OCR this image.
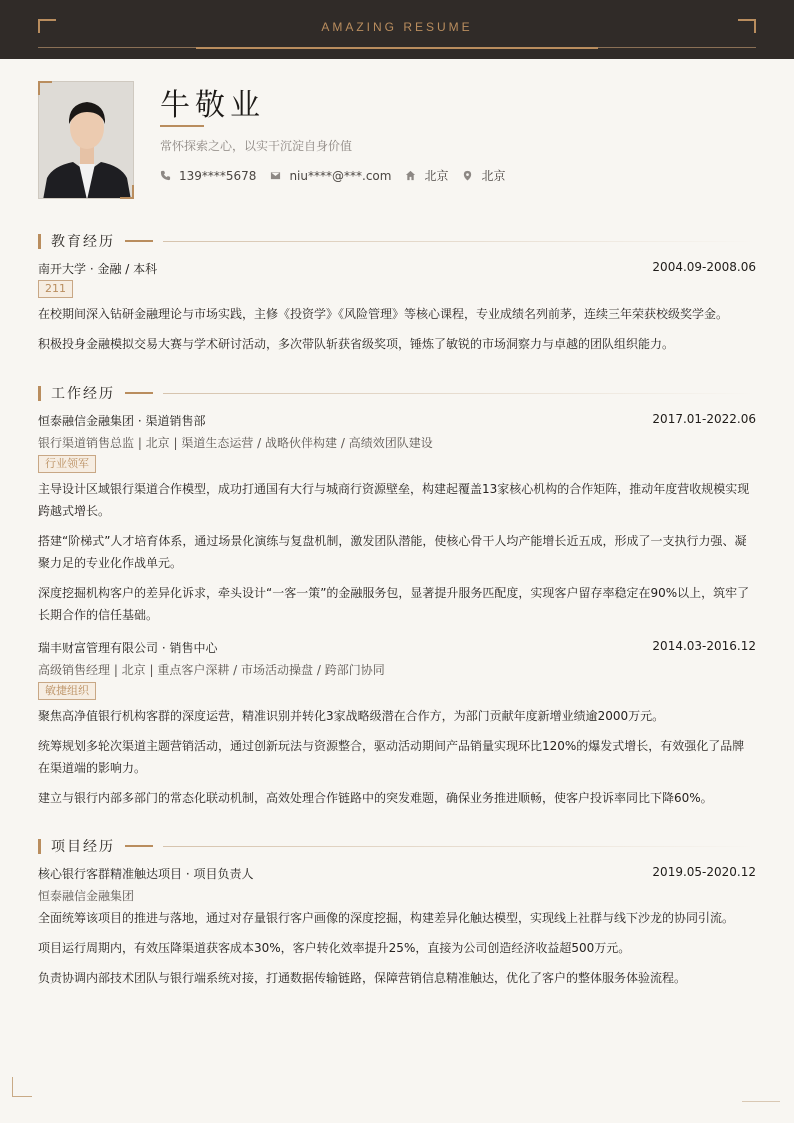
AMAZING RESUME
牛敬业
常怀探索之心，以实干沉淀自身价值
139****5678	niu****@***.com	北京	北京
教育经历
南开大学 · 金融 / 本科	2004.09-2008.06
211
在校期间深入钻研金融理论与市场实践，主修《投资学》《风险管理》等核心课程，专业成绩名列前茅，连续三年荣获校级奖学金。
积极投身金融模拟交易大赛与学术研讨活动，多次带队斩获省级奖项，锤炼了敏锐的市场洞察力与卓越的团队组织能力。
工作经历
恒泰融信金融集团 · 渠道销售部	2017.01-2022.06
银行渠道销售总监 | 北京 | 渠道生态运营 / 战略伙伴构建 / 高绩效团队建设
行业领军
主导设计区域银行渠道合作模型，成功打通国有大行与城商行资源壁垒，构建起覆盖13家核心机构的合作矩阵，推动年度营收规模实现跨越式增长。
搭建“阶梯式”人才培育体系，通过场景化演练与复盘机制，激发团队潜能，使核心骨干人均产能增长近五成，形成了一支执行力强、凝聚力足的专业化作战单元。
深度挖掘机构客户的差异化诉求，牵头设计“一客一策”的金融服务包，显著提升服务匹配度，实现客户留存率稳定在90%以上，筑牢了长期合作的信任基础。
瑞丰财富管理有限公司 · 销售中心	2014.03-2016.12
高级销售经理 | 北京 | 重点客户深耕 / 市场活动操盘 / 跨部门协同
敏捷组织
聚焦高净值银行机构客群的深度运营，精准识别并转化3家战略级潜在合作方，为部门贡献年度新增业绩逾2000万元。
统筹规划多轮次渠道主题营销活动，通过创新玩法与资源整合，驱动活动期间产品销量实现环比120%的爆发式增长，有效强化了品牌在渠道端的影响力。
建立与银行内部多部门的常态化联动机制，高效处理合作链路中的突发难题，确保业务推进顺畅，使客户投诉率同比下降60%。
项目经历
核心银行客群精准触达项目 · 项目负责人	2019.05-2020.12
恒泰融信金融集团
全面统筹该项目的推进与落地，通过对存量银行客户画像的深度挖掘，构建差异化触达模型，实现线上社群与线下沙龙的协同引流。
项目运行周期内，有效压降渠道获客成本30%，客户转化效率提升25%，直接为公司创造经济收益超500万元。
负责协调内部技术团队与银行端系统对接，打通数据传输链路，保障营销信息精准触达，优化了客户的整体服务体验流程。
